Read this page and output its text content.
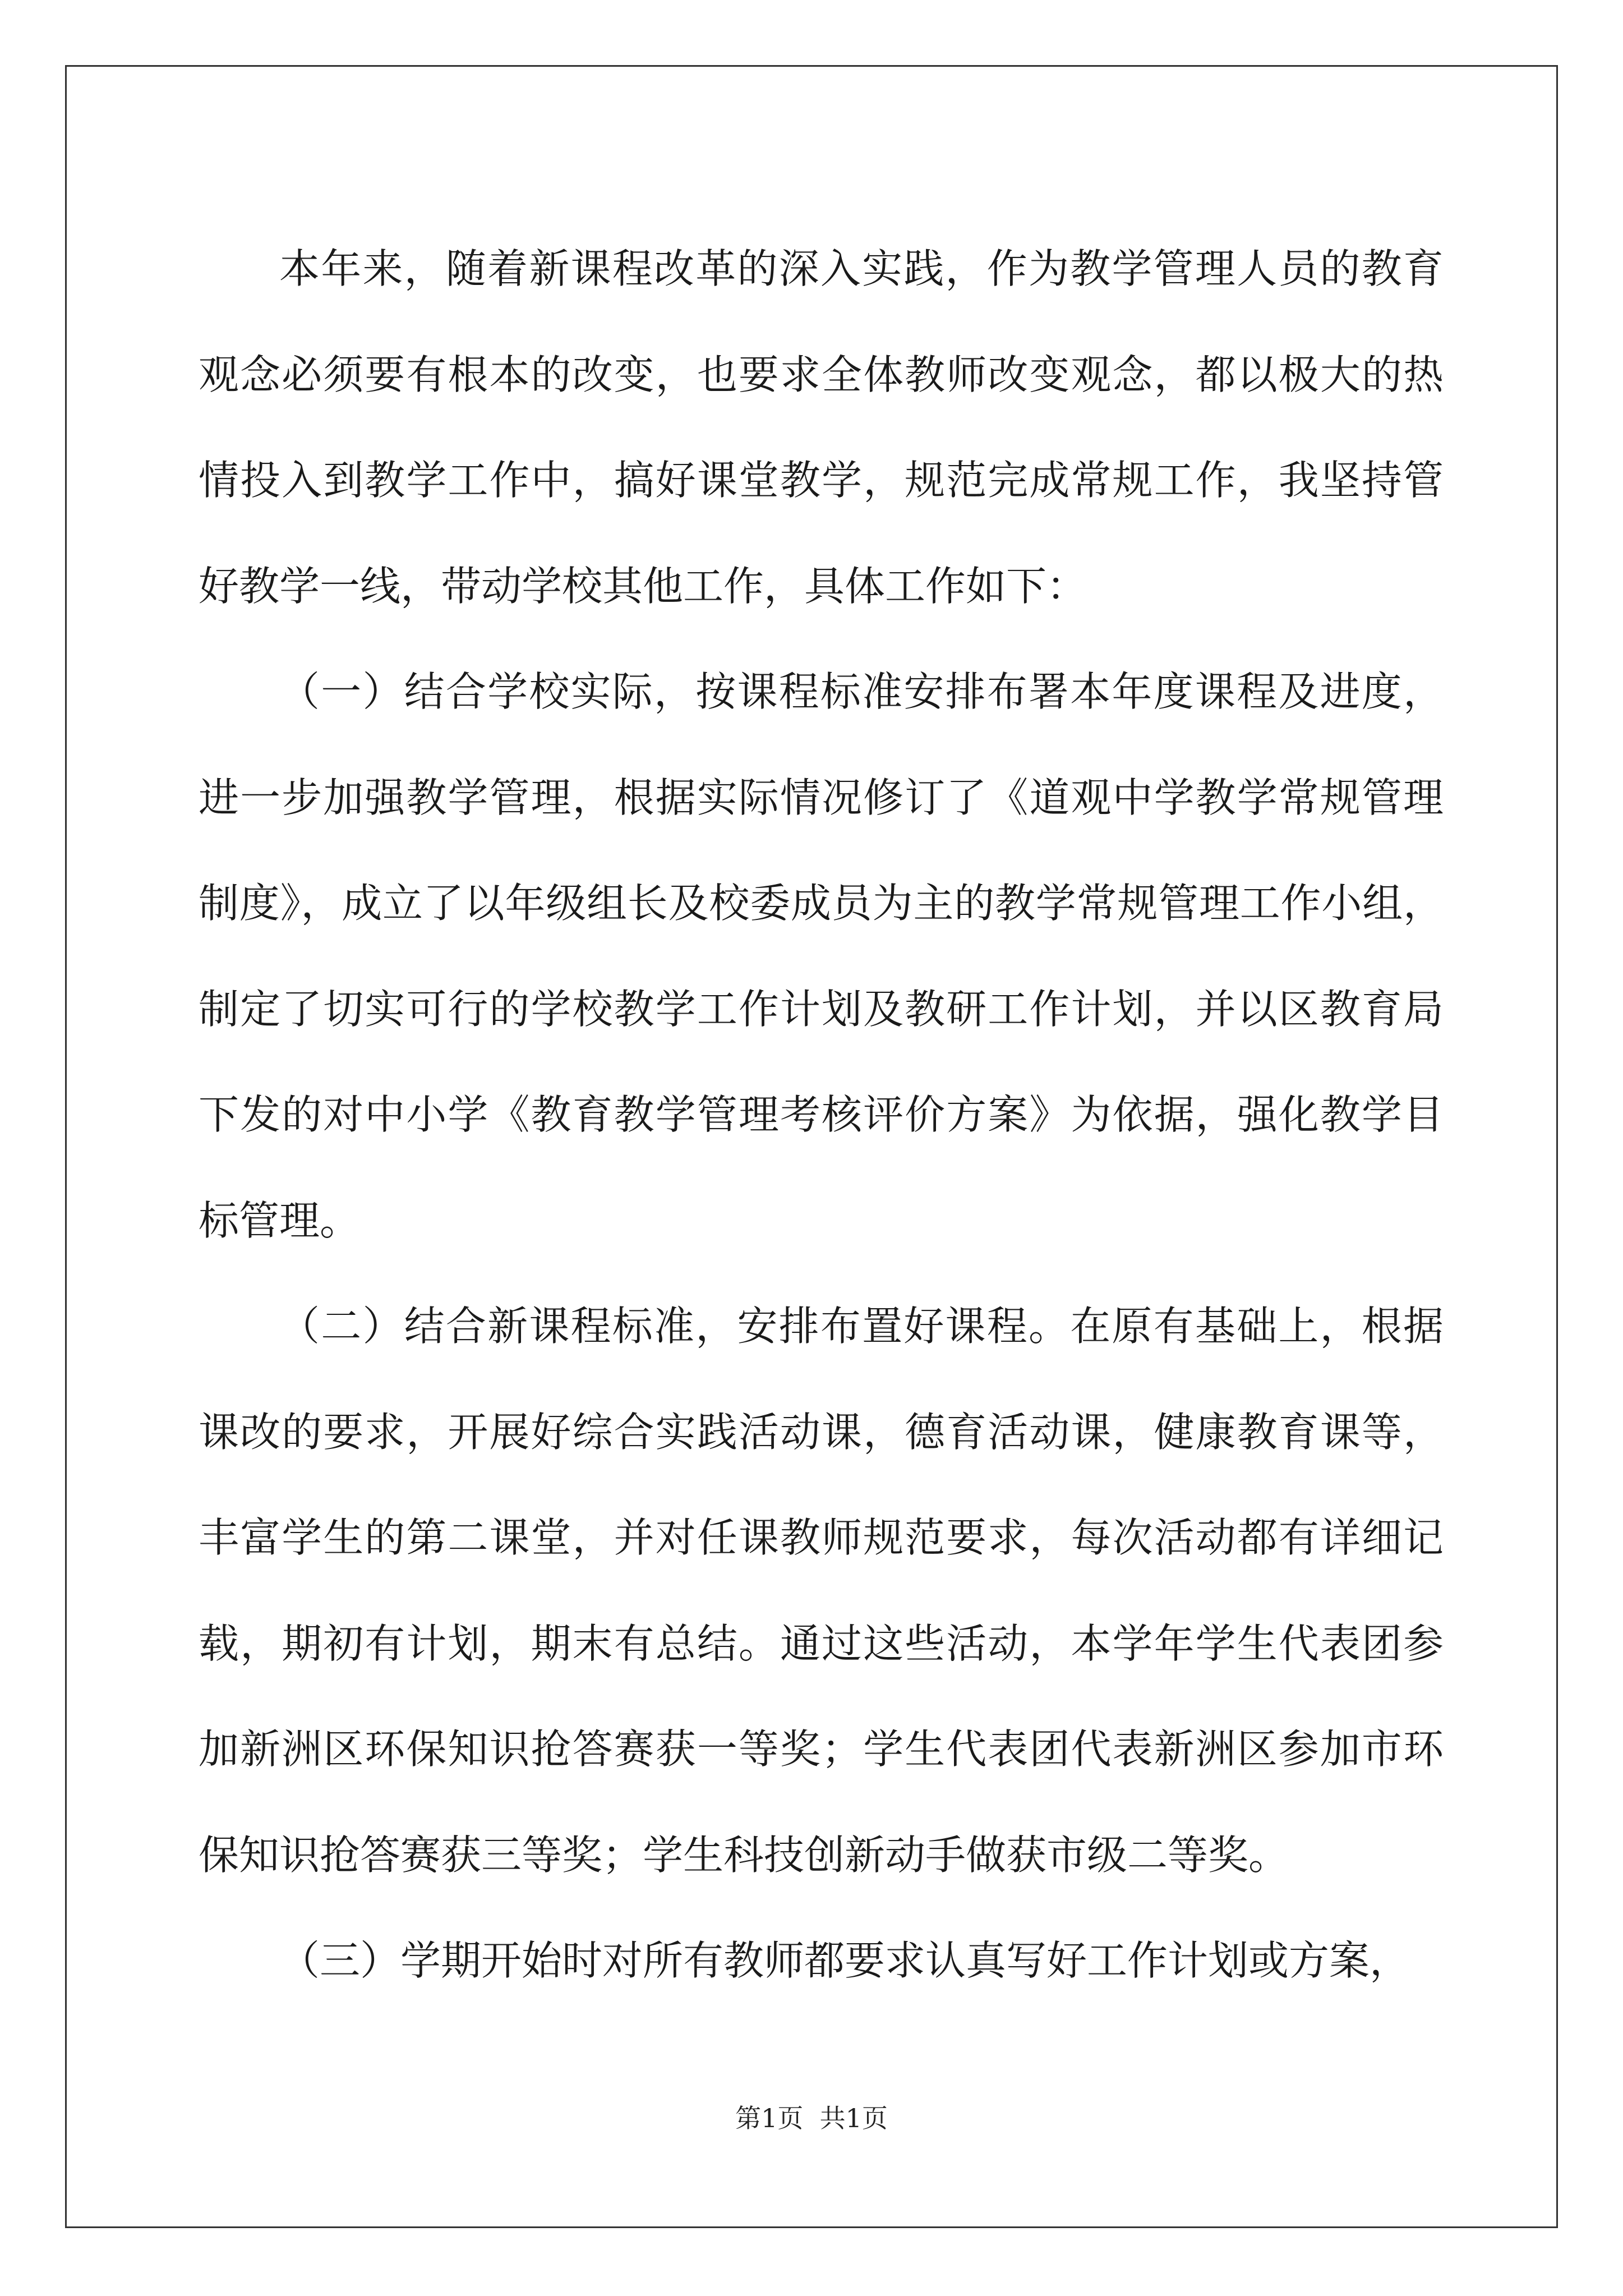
本年来，随着新课程改革的深入实践，作为教学管理人员的教育观念必须要有根本的改变，也要求全体教师改变观念，都以极大的热情投入到教学工作中，搞好课堂教学，规范完成常规工作，我坚持管好教学一线，带动学校其他工作，具体工作如下：

（一）结合学校实际，按课程标准安排布署本年度课程及进度，进一步加强教学管理，根据实际情况修订了《道观中学教学常规管理制度》，成立了以年级组长及校委成员为主的教学常规管理工作小组，制定了切实可行的学校教学工作计划及教研工作计划，并以区教育局下发的对中小学《教育教学管理考核评价方案》为依据，强化教学目标管理。

（二）结合新课程标准，安排布置好课程。在原有基础上，根据课改的要求，开展好综合实践活动课，德育活动课，健康教育课等，丰富学生的第二课堂，并对任课教师规范要求，每次活动都有详细记载，期初有计划，期末有总结。通过这些活动，本学年学生代表团参加新洲区环保知识抢答赛获一等奖；学生代表团代表新洲区参加市环保知识抢答赛获三等奖；学生科技创新动手做获市级二等奖。

（三）学期开始时对所有教师都要求认真写好工作计划或方案，

第1页  共1页
